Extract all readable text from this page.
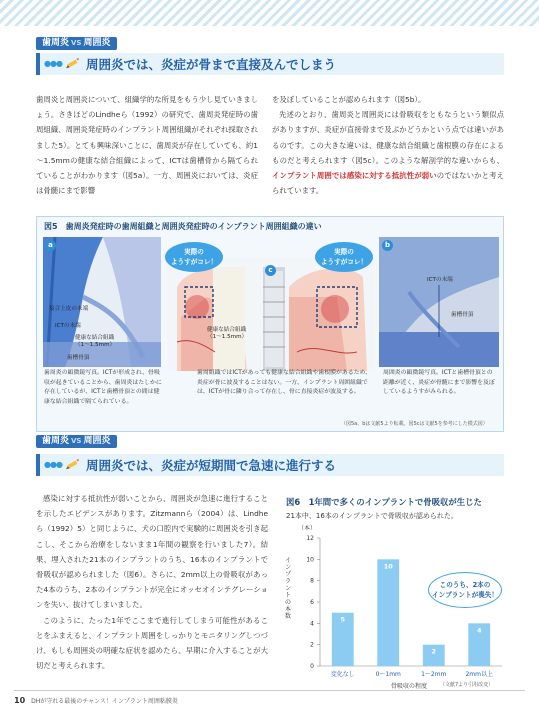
歯周炎 VS 周囲炎
●●● 周囲炎では、炎症が骨まで直接及んでしまう
歯周炎と周囲炎について、組織学的な所見をもう少し見ていきましょう。さきほどのLindheら（1992）の研究で、歯周炎発症時の歯周組織、周囲炎発症時のインプラント周囲組織がそれぞれ採取されました5）。とても興味深いことに、歯周炎が存在していても、約1～1.5mmの健康な結合組織によって、ICTは歯槽骨から隔てられていることがわかります（図5a）。一方、周囲炎においては、炎症は骨髄にまで影響
を及ぼしていることが認められます（図5b）。
先述のとおり、歯周炎と周囲炎には骨吸収をともなうという類似点がありますが、炎症が直接骨まで及ぶかどうかという点では違いがあるのです。この大きな違いは、健康な結合組織と歯根膜の存在によるものだと考えられます（図5c）。このような解剖学的な違いからも、インプラント周囲では感染に対する抵抗性が弱いのではないかと考えられています。
図5　歯周炎発症時の歯周組織と周囲炎発症時のインプラント周囲組織の違い
a
接合上皮の末端
ICTの末端
健康な結合組織
（1～1.5mm）
歯槽骨頂
c
実際の
ようすがコレ！
実際の
ようすがコレ！
健康な結合組織
（1～1.5mm）
b
ICTの末端
歯槽骨頂
歯周炎の顕微鏡写真。ICTが形成され、骨吸収が起きていることから、歯周炎はたしかに存在しているが、ICTと歯槽骨頂との間は健康な結合組織で隔てられている。
歯周組織ではICTがあっても健康な結合組織や歯根膜があるため、炎症が骨に波及することはない。一方、インプラント周囲組織では、ICTが骨に隣り合って存在し、骨に直接炎症が波及する。
周囲炎の顕微鏡写真。ICTと歯槽骨頂との距離が近く、炎症が骨髄にまで影響を及ぼしているようすがみられる。
（図5a、bは文献5より転載。図5cは文献5を参考にした模式図）
歯周炎 VS 周囲炎
●●● 周囲炎では、炎症が短期間で急速に進行する
感染に対する抵抗性が弱いことから、周囲炎が急速に進行することを示したエビデンスがあります。Zitzmannら（2004）は、Lindheら（1992）5）と同じように、犬の口腔内で実験的に周囲炎を引き起こし、そこから治療をしないまま1年間の観察を行いました7）。結果、埋入された21本のインプラントのうち、16本のインプラントで骨吸収が認められました（図6）。さらに、2mm以上の骨吸収があった4本のうち、2本のインプラントが完全にオッセオインテグレーションを失い、抜けてしまいました。
このように、たった1年でここまで進行してしまう可能性があることをふまえると、インプラント周囲をしっかりとモニタリングしつづけ、もしも周囲炎の明確な症状を認めたら、早期に介入することが大切だと考えられます。
図6　1年間で多くのインプラントで骨吸収が生じた
21本中、16本のインプラントで骨吸収が認められた。
（本）
イ
ン
プ
ラ
ン
ト
の
本
数
0
2
4
6
8
10
12
5
10
2
4
変化なし	0～1mm	1～2mm	2mm以上
骨吸収の程度
このうち、2本の
インプラントが喪失！
（文献7より引用改変）
10 DHが守れる最後のチャンス！インプラント周囲粘膜炎
